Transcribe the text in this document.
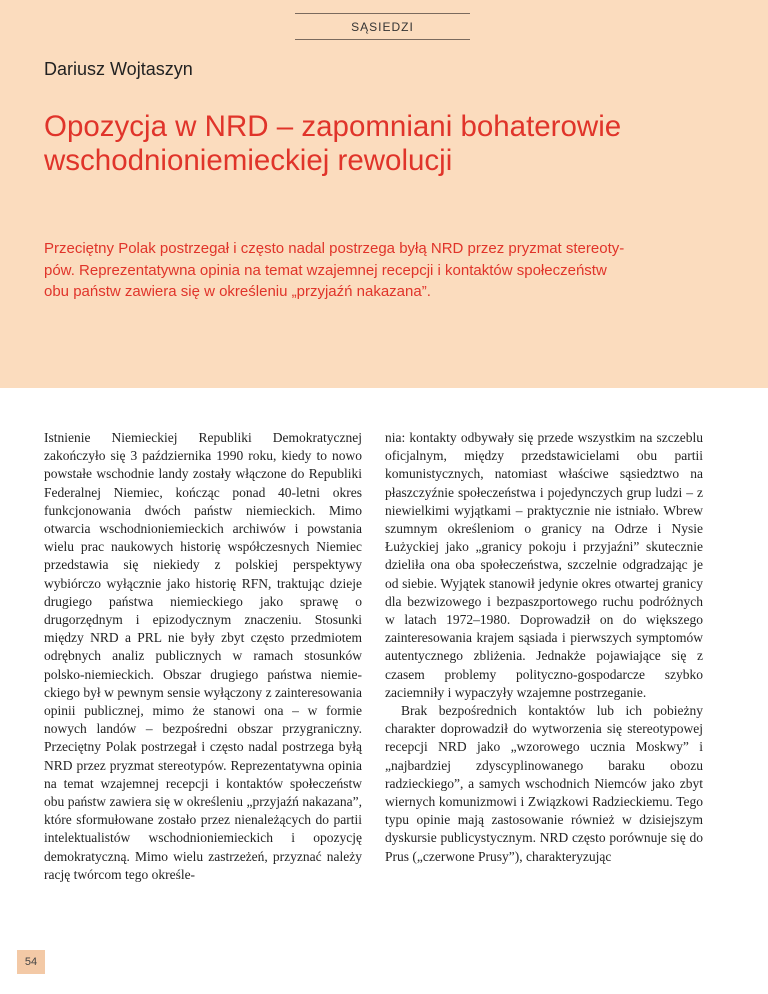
SĄSIEDZI
Dariusz Wojtaszyn
Opozycja w NRD – zapomniani bohaterowie
wschodnioniemieckiej rewolucji

Przeciętny Polak postrzegał i często nadal postrzega byłą NRD przez pryzmat stereoty-
pów. Reprezentatywna opinia na temat wzajemnej recepcji i kontaktów społeczeństw
obu państw zawiera się w określeniu „przyjaźń nakazana”.

Istnienie Niemieckiej Republiki Demokratycznej zakończyło się 3 października 1990 roku, kiedy to nowo powstałe wschodnie landy zostały włączone do Republiki Federalnej Niemiec, kończąc ponad 40-letni okres funkcjonowania dwóch państw niemieckich. Mimo otwarcia wschodnioniemieckich archiwów i powstania wielu prac naukowych historię współczesnych Niemiec przedstawia się niekiedy z polskiej perspektywy wybiórczo wyłącznie jako historię RFN, traktując dzieje drugiego państwa niemieckiego jako sprawę o drugorzędnym i epizodycznym znaczeniu. Stosunki między NRD a PRL nie były zbyt często przedmiotem odrębnych analiz publicznych w ramach stosunków polsko-niemieckich. Obszar drugiego państwa niemieckiego był w pewnym sensie wyłączony z zainteresowania opinii publicznej, mimo że stanowi ona – w formie nowych landów – bezpośredni obszar przygraniczny. Przeciętny Polak postrzegał i często nadal postrzega byłą NRD przez pryzmat stereotypów. Reprezentatywna opinia na temat wzajemnej recepcji i kontaktów społeczeństw obu państw zawiera się w określeniu „przyjaźń nakazana”, które sformułowane zostało przez nienależących do partii intelektualistów wschodnioniemieckich i opozycję demokratyczną. Mimo wielu zastrzeżeń, przyznać należy rację twórcom tego określe-

nia: kontakty odbywały się przede wszystkim na szczeblu oficjalnym, między przedstawicielami obu partii komunistycznych, natomiast właściwe sąsiedztwo na płaszczyźnie społeczeństwa i pojedynczych grup ludzi – z niewielkimi wyjątkami – praktycznie nie istniało. Wbrew szumnym określeniom o granicy na Odrze i Nysie Łużyckiej jako „granicy pokoju i przyjaźni” skutecznie dzieliła ona oba społeczeństwa, szczelnie odgradzając je od siebie. Wyjątek stanowił jedynie okres otwartej granicy dla bezwizowego i bezpaszportowego ruchu podróżnych w latach 1972–1980. Doprowadził on do większego zainteresowania krajem sąsiada i pierwszych symptomów autentycznego zbliżenia. Jednakże pojawiające się z czasem problemy polityczno-gospodarcze szybko zaciemniły i wypaczyły wzajemne postrzeganie.

Brak bezpośrednich kontaktów lub ich pobieżny charakter doprowadził do wytworzenia się stereotypowej recepcji NRD jako „wzorowego ucznia Moskwy” i „najbardziej zdyscyplinowanego baraku obozu radzieckiego”, a samych wschodnich Niemców jako zbyt wiernych komunizmowi i Związkowi Radzieckiemu. Tego typu opinie mają zastosowanie również w dzisiejszym dyskursie publicystycznym. NRD często porównuje się do Prus („czerwone Prusy”), charakteryzując

54
